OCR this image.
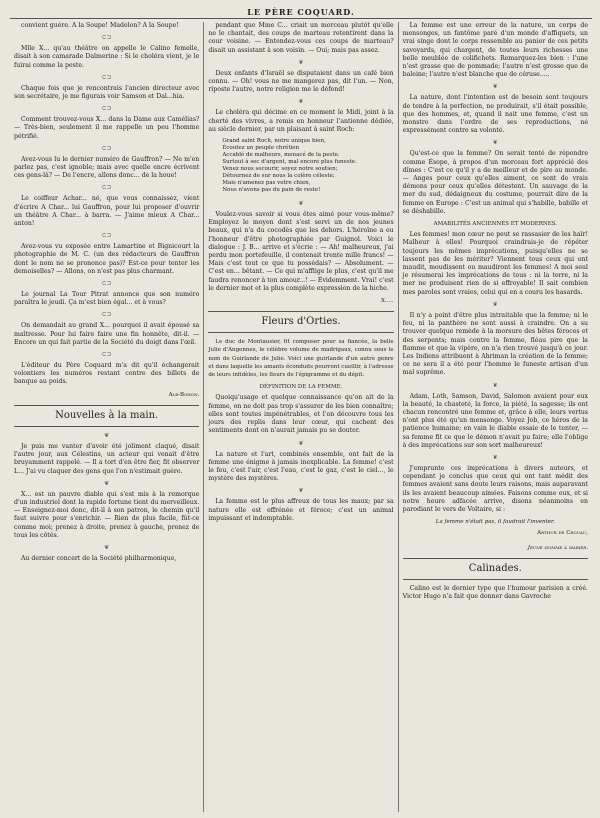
LE PÈRE COQUARD.

convient guère. A la Soupe! Madelon? A la Soupe!

⊂⊃

Mlle X... qu'au théâtre on appelle le Calino femelle, disait à son camarade Dalmerine : Si le choléra vient, je le fuirai comme la peste.

⊂⊃

Chaque fois que je rencontrais l'ancien directeur avec son secrétaire, je me figurais voir Samson et Dal...hia.

⊂⊃

Comment trouvez-vous X... dans la Dame aux Camélias? — Très-bien, seulement il me rappelle un peu l'homme pétrifié.

⊂⊃

Avez-vous lu le dernier numéro de Gauffron? — Ne m'en parlez pas, c'est ignoble; mais avec quelle encre écrivent ces gens-là? — De l'encre, allons donc... de la houe!

⊂⊃

Le coiffeur Achar... né, que vous connaissez, vient d'écrire A Char... lui Gauffron, pour lui proposer d'ouvrir un théâtre A Char... à barra. — J'aime mieux A Char... anton!

⊂⊃

Avez-vous vu exposée entre Lamartine et Bignicourt la photographie de M. C. (un des rédacteurs de Gauffron dont le nom ne se prononce pas)? Est-ce pour tenter les demoiselles? — Allons, on n'est pas plus charmant.

⊂⊃

Le journal La Tour Pitrat annonce que son numéro paraîtra le jeudi. Ça m'est bien égal... et à vous?

⊂⊃

On demandait au grand X... pourquoi il avait épousé sa maîtresse. Pour lui faire faire une fin honnête, dit-il. — Encore un qui fait partie de la Société du doigt dans l'œil.

⊂⊃

L'éditeur du Père Coquard m'a dit qu'il échangerait volontiers les numéros restant contre des billets de banque au poids.

Alb-Bohon.
Nouvelles à la main.
❦

Je puis me vanter d'avoir été joliment claqué, disait l'autre jour, aux Célestins, un acteur qui venait d'être bruyamment rappelé. — Il a tort d'en être fier, fit observer L... J'ai vu claquer des gens que l'on n'estimait guère.

❦

X... est un pauvre diable qui s'est mis à la remorque d'un industriel dont la rapide fortune tient du merveilleux. — Enseignez-moi donc, dit-il à son patron, le chemin qu'il faut suivre pour s'enrichir. — Rien de plus facile, fût-ce comme moi; prenez à droite, prenez à gauche, prenez de tous les côtés.

❦

Au dernier concert de la Société philharmonique,

pendant que Mme C... criait un morceau plutôt qu'elle ne le chantait, des coups de marteau retentirent dans la cour voisine. — Entendez-vous ces coups de marteau? disait un assistant à son voisin. — Oui; mais pas assez.

❦

Deux enfants d'Israël se disputaient dans un café bien connu. — Oh! vous ne me mangerez pas, dit l'un. — Non, riposte l'autre, notre religion me le défend!

❦

Le choléra qui décime en ce moment le Midi, joint à la cherté des vivres, a remis en honneur l'antienne dédiée, au siècle dernier, par un plaisant à saint Roch:

Grand saint Roch, notre unique bien,
Écoutez un peuple chrétien
Accablé de malheurs, menacé de la peste.
Surtout à sec d'argent, mal encore plus funeste.
Venez nous secourir, soyez notre soutien;
Détournez de sur nous la colère céleste;
Mais n'amenez pas votre chien,
Nous n'avons pas du pain de reste!
❦

Voulez-vous savoir si vous êtes aimé pour vous-même? Employez le moyen dont s'est servi un de nos jeunes beaux, qui n'a du cocodès que les dehors. L'héroïne a eu l'honneur d'être photographiée par Guignol. Voici le dialogue : J. B... arrive et s'écrie : — Ah! malheureux, j'ai perdu mon portefeuille, il contenait trente mille francs! — Mais c'est tout ce que tu possédais? — Absolument. — C'est en... bêtant. — Ce qui m'afflige le plus, c'est qu'il me faudra renoncer à ton amour...! — Évidemment. Vrai! c'est le dernier mot et la plus complète expression de la hiche.

X.....
Fleurs d'Orties.

Le duc de Montausier, fit composer pour sa fiancée, la belle Julie d'Angennes, le célèbre volume de madrigaux, connu sous le nom de Guirlande de Julie. Voici une guirlande d'un autre genre et dans laquelle les amants éconduits pourront cueillir, à l'adresse de leurs infidèles, les fleurs de l'épigramme et du dépit.

DÉFINITION DE LA FEMME.

Quoiqu'usage et quelque connaissance qu'on ait de la femme, on ne doit pas trop s'assurer de les bien connaître; elles sont toutes impénétrables, et l'on découvre tous les jours des replis dans leur cœur, qui cachent des sentiments dont on n'aurait jamais pu se douter.

❦

La nature et l'art, combinés ensemble, ont fait de la femme une énigme à jamais inexplicable. La femme! c'est le feu, c'est l'air, c'est l'eau, c'est le gaz, c'est le ciel..., le mystère des mystères.

❦

La femme est le plus affreux de tous les maux; par sa nature elle est effrénée et féroce; c'est un animal impuissant et indomptable.

La femme est une erreur de la nature, un corps de mensonges, un fantôme paré d'un monde d'affiquets, un vrai singe dont le corps ressemble au panier de ces petits savoyards, qui chargent, de toutes leurs richesses une belle meublée de colifichets. Remarquez-les bien : l'une n'est grasse que de pommade; l'autre n'est grosse que de baleine; l'autre n'est blanche que de céruse.....

❦

La nature, dont l'intention est de besoin sont toujours de tendre à la perfection, ne produirait, s'il était possible, que des hommes, et, quand il nait une femme, c'est un monstre dans l'ordre de ses reproductions, né expressément contre sa volonté.

❦

Qu'est-ce que la femme? On serait tenté de répondre comme Ésope, à propos d'un morceau fort apprécié des dîmes : C'est ce qu'il y a de meilleur et de pire au monde. — Anges pour ceux qu'elles aiment, ce sont de vrais démons pour ceux qu'elles détestent. Un sauvage de la mer du sud, dédaigneux du costume, pourrait dire de la femme en Europe : C'est un animal qui s'habille, babille et se déshabille.

AMABILITÉS ANCIENNES ET MODERNES.

Les femmes! mon cœur ne peut se rassasier de les haïr! Malheur à elles! Pourquoi craindrais-je de répéter toujours les mêmes imprécations, puisqu'elles ne se lassent pas de les mériter? Viennent tous ceux qui ont maudit, moudissent ou maudiront les femmes! A moi seul je résumerai les imprécations de tous : ni la terre, ni la mer ne produisent rien de si effroyable! Il sait combien mes paroles sont vraies, celui qui en a couru les hasards.

❦

Il n'y a point d'être plus intraitable que la femme; ni le feu, ni la panthère ne sont aussi à craindre. On a su trouver quelque remède à la morsure des bêtes féroces et des serpents; mais contre la femme, fléau pire que la flamme et que la vipère, on n'a rien trouvé jusqu'à ce jour. Les Indiens attribuent à Ahriman la création de la femme; ce ne sera il a été pour l'homme le funeste artisan d'un mal suprême.

❦

Adam, Loth, Samson, David, Salomon avaient pour eux la beauté, la chasteté, la force, la piété, la sagesse; ils ont chacun rencontré une femme et, grâce à elle, leurs vertus n'ont plus été qu'un mensonge. Voyez Job, ce héros de la patience humaine; en vain le diable essaie de le tenter, — sa femme fit ce que le démon n'avait pu faire; elle l'oblige à des imprécations sur son sort malheureux!

❦

J'emprunte ces imprécations à divers auteurs, et cependant je conclus que ceux qui ont tant médit des femmes avaient sans doute leurs raisons, mais auparavant ils les avaient beaucoup aimées. Faisons comme eux, et si notre heure adfacée arrive, disons néanmoins en parodiant le vers de Voltaire, si :

La femme n'était pas, il faudrait l'inventer.
Arthur de Crouau,
Jeune homme à marier.
Calinades.

Calino est le dernier type que l'humour parisien a créé. Victor Hugo n'a fait que donner dans Gavroche
